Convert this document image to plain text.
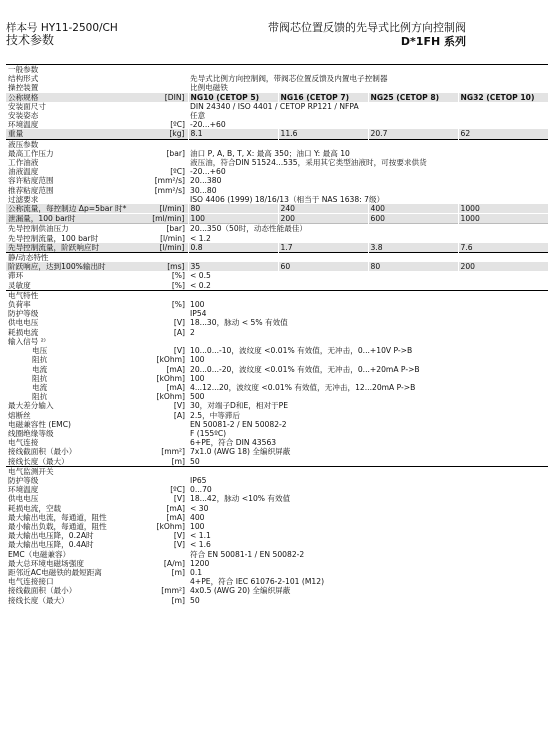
样本号 HY11-2500/CH
技术参数
带阀芯位置反馈的先导式比例方向控制阀
D*1FH 系列
一般参数					
结构形式		先导式比例方向控制阀，带阀芯位置反馈及内置电子控制器			
操控装置		比例电磁铁			
公称规格	[DIN]	NG10 (CETOP 5)	NG16 (CETOP 7)	NG25 (CETOP 8)	NG32 (CETOP 10)
安装面尺寸		DIN 24340 / ISO 4401 / CETOP RP121 / NFPA			
安装姿态		任意			
环境温度	[ºC]	-20...+60			
重量	[kg]	8.1	11.6	20.7	62
液压参数					
最高工作压力	[bar]	油口 P, A, B, T, X: 最高 350；油口 Y: 最高 10			
工作油液		液压油，符合DIN 51524...535，采用其它类型油液时，可按要求供货			
油液温度	[ºC]	-20...+60			
容许粘度范围	[mm²/s]	20...380			
推荐粘度范围	[mm²/s]	30...80			
过滤要求		ISO 4406 (1999) 18/16/13（相当于 NAS 1638: 7级）			
公称流量，每控制边 Δp=5bar 时*	[l/min]	80	240	400	1000
泄漏量，100 bar时	[ml/min]	100	200	600	1000
先导控制供油压力	[bar]	20...350（50时，动态性能最佳）			
先导控制流量，100 bar时	[l/min]	< 1.2			
先导控制流量，阶跃响应时	[l/min]	0.8	1.7	3.8	7.6
静/动态特性					
阶跃响应，达到100%输出时	[ms]	35	60	80	200
滞环	[%]	< 0.5			
灵敏度	[%]	< 0.2			
电气特性					
负荷率	[%]	100			
防护等级		IP54			
供电电压	[V]	18...30，脉动 < 5% 有效值			
耗损电流	[A]	2			
输入信号 ²⁾					
电压	[V]	10...0...-10，波纹度 <0.01% 有效值，无冲击，0...+10V P->B			
阻抗	[kOhm]	100			
电流	[mA]	20...0...-20，波纹度 <0.01% 有效值，无冲击，0...+20mA P->B			
阻抗	[kOhm]	100			
电流	[mA]	4...12...20，波纹度 <0.01% 有效值，无冲击，12...20mA P->B			
阻抗	[kOhm]	500			
最大差分输入	[V]	30，对端子D和E，相对于PE			
熔断丝	[A]	2.5，中等滞后			
电磁兼容性 (EMC)		EN 50081-2 / EN 50082-2			
线圈绝缘等级		F (155ºC)			
电气连接		6+PE，符合 DIN 43563			
接线截面积（最小）	[mm²]	7x1.0 (AWG 18) 全编织屏蔽			
接线长度（最大）	[m]	50			
电气监测开关					
防护等级		IP65			
环境温度	[ºC]	0...70			
供电电压	[V]	18...42，脉动 <10% 有效值			
耗损电流，空载	[mA]	< 30			
最大输出电流，每通道，阻性	[mA]	400			
最小输出负载，每通道，阻性	[kOhm]	100			
最大输出电压降，0.2A时	[V]	< 1.1			
最大输出电压降，0.4A时	[V]	< 1.6			
EMC（电磁兼容）		符合 EN 50081-1 / EN 50082-2			
最大总环境电磁场强度	[A/m]	1200			
距邻近AC电磁铁的最短距离	[m]	0.1			
电气连接接口		4+PE，符合 IEC 61076-2-101 (M12)			
接线截面积（最小）	[mm²]	4x0.5 (AWG 20) 全编织屏蔽			
接线长度（最大）	[m]	50			
